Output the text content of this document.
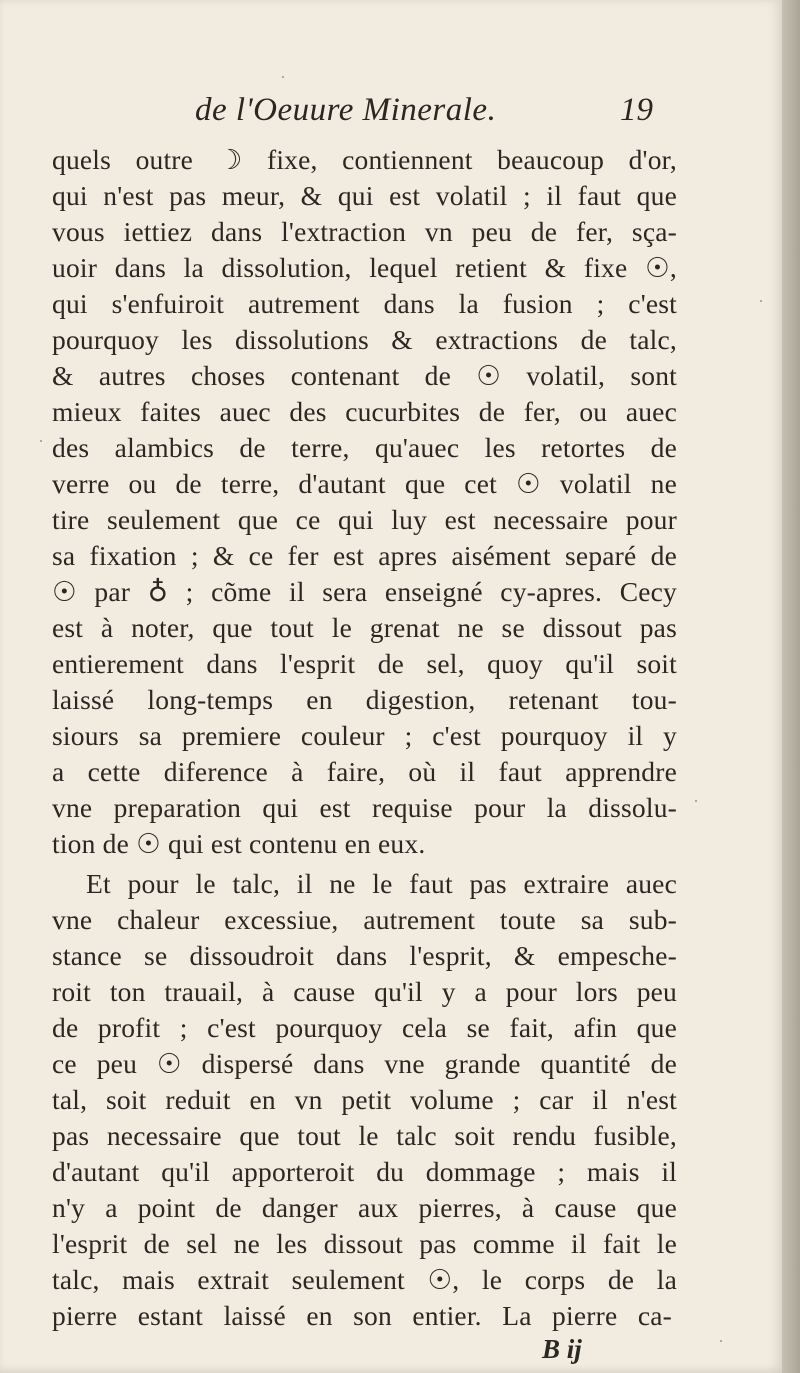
de l'Oeuure Minerale.	19
quels outre ☽ fixe, contiennent beaucoup d'or,
qui n'est pas meur, & qui est volatil ; il faut que
vous iettiez dans l'extraction vn peu de fer, sça-
uoir dans la dissolution, lequel retient & fixe ☉,
qui s'enfuiroit autrement dans la fusion ; c'est
pourquoy les dissolutions & extractions de talc,
& autres choses contenant de ☉ volatil, sont
mieux faites auec des cucurbites de fer, ou auec
des alambics de terre, qu'auec les retortes de
verre ou de terre, d'autant que cet ☉ volatil ne
tire seulement que ce qui luy est necessaire pour
sa fixation ; & ce fer est apres aisément separé de
☉ par ♁ ; cõme il sera enseigné cy-apres. Cecy
est à noter, que tout le grenat ne se dissout pas
entierement dans l'esprit de sel, quoy qu'il soit
laissé long-temps en digestion, retenant tou-
siours sa premiere couleur ; c'est pourquoy il y
a cette diference à faire, où il faut apprendre
vne preparation qui est requise pour la dissolu-
tion de ☉ qui est contenu en eux.
Et pour le talc, il ne le faut pas extraire auec
vne chaleur excessiue, autrement toute sa sub-
stance se dissoudroit dans l'esprit, & empesche-
roit ton trauail, à cause qu'il y a pour lors peu
de profit ; c'est pourquoy cela se fait, afin que
ce peu ☉ dispersé dans vne grande quantité de
tal, soit reduit en vn petit volume ; car il n'est
pas necessaire que tout le talc soit rendu fusible,
d'autant qu'il apporteroit du dommage ; mais il
n'y a point de danger aux pierres, à cause que
l'esprit de sel ne les dissout pas comme il fait le
talc, mais extrait seulement ☉, le corps de la
pierre estant laissé en son entier. La pierre ca-
B ij
